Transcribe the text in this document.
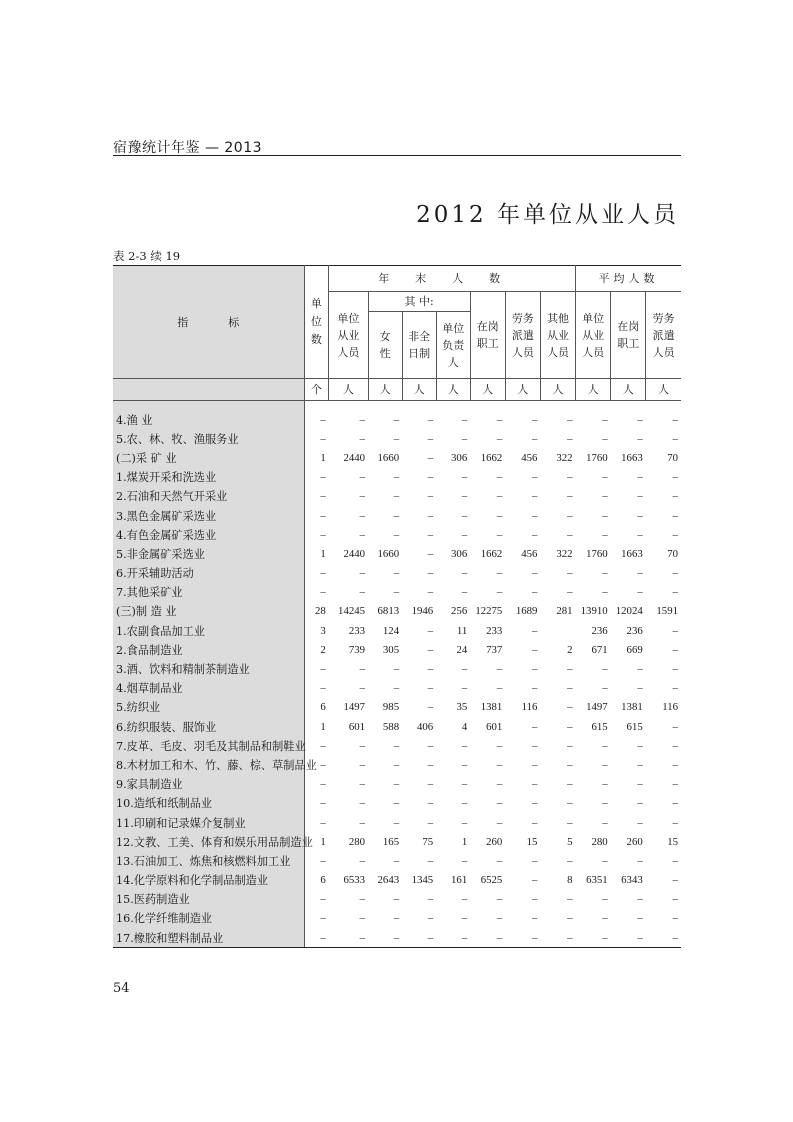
宿豫统计年鉴 — 2013
2012 年单位从业人员
表 2-3 续 19
指标	单位数	年末人数							平均人数		
		单位从业人员	其 中:			在岗职工	劳务派遣人员	其他从业人员	单位从业人员	在岗职工	劳务派遣人员
			女性	非全日制	单位负责人						
	个	人	人	人	人	人	人	人	人	人	人

4.渔 业	–	–	–	–	–	–	–	–	–	–	–
5.农、林、牧、渔服务业	–	–	–	–	–	–	–	–	–	–	–
(二)采 矿 业	1	2440	1660	–	306	1662	456	322	1760	1663	70
1.煤炭开采和洗选业	–	–	–	–	–	–	–	–	–	–	–
2.石油和天然气开采业	–	–	–	–	–	–	–	–	–	–	–
3.黑色金属矿采选业	–	–	–	–	–	–	–	–	–	–	–
4.有色金属矿采选业	–	–	–	–	–	–	–	–	–	–	–
5.非金属矿采选业	1	2440	1660	–	306	1662	456	322	1760	1663	70
6.开采辅助活动	–	–	–	–	–	–	–	–	–	–	–
7.其他采矿业	–	–	–	–	–	–	–	–	–	–	–
(三)制 造 业	28	14245	6813	1946	256	12275	1689	281	13910	12024	1591
1.农副食品加工业	3	233	124	–	11	233	–		236	236	–
2.食品制造业	2	739	305	–	24	737	–	2	671	669	–
3.酒、饮料和精制茶制造业	–	–	–	–	–	–	–	–	–	–	–
4.烟草制品业	–	–	–	–	–	–	–	–	–	–	–
5.纺织业	6	1497	985	–	35	1381	116	–	1497	1381	116
6.纺织服装、服饰业	1	601	588	406	4	601	–	–	615	615	–
7.皮革、毛皮、羽毛及其制品和制鞋业	–	–	–	–	–	–	–	–	–	–	–
8.木材加工和木、竹、藤、棕、草制品业	–	–	–	–	–	–	–	–	–	–	–
9.家具制造业	–	–	–	–	–	–	–	–	–	–	–
10.造纸和纸制品业	–	–	–	–	–	–	–	–	–	–	–
11.印刷和记录媒介复制业	–	–	–	–	–	–	–	–	–	–	–
12.文教、工美、体育和娱乐用品制造业	1	280	165	75	1	260	15	5	280	260	15
13.石油加工、炼焦和核燃料加工业	–	–	–	–	–	–	–	–	–	–	–
14.化学原料和化学制品制造业	6	6533	2643	1345	161	6525	–	8	6351	6343	–
15.医药制造业	–	–	–	–	–	–	–	–	–	–	–
16.化学纤维制造业	–	–	–	–	–	–	–	–	–	–	–
17.橡胶和塑料制品业	–	–	–	–	–	–	–	–	–	–	–
54
